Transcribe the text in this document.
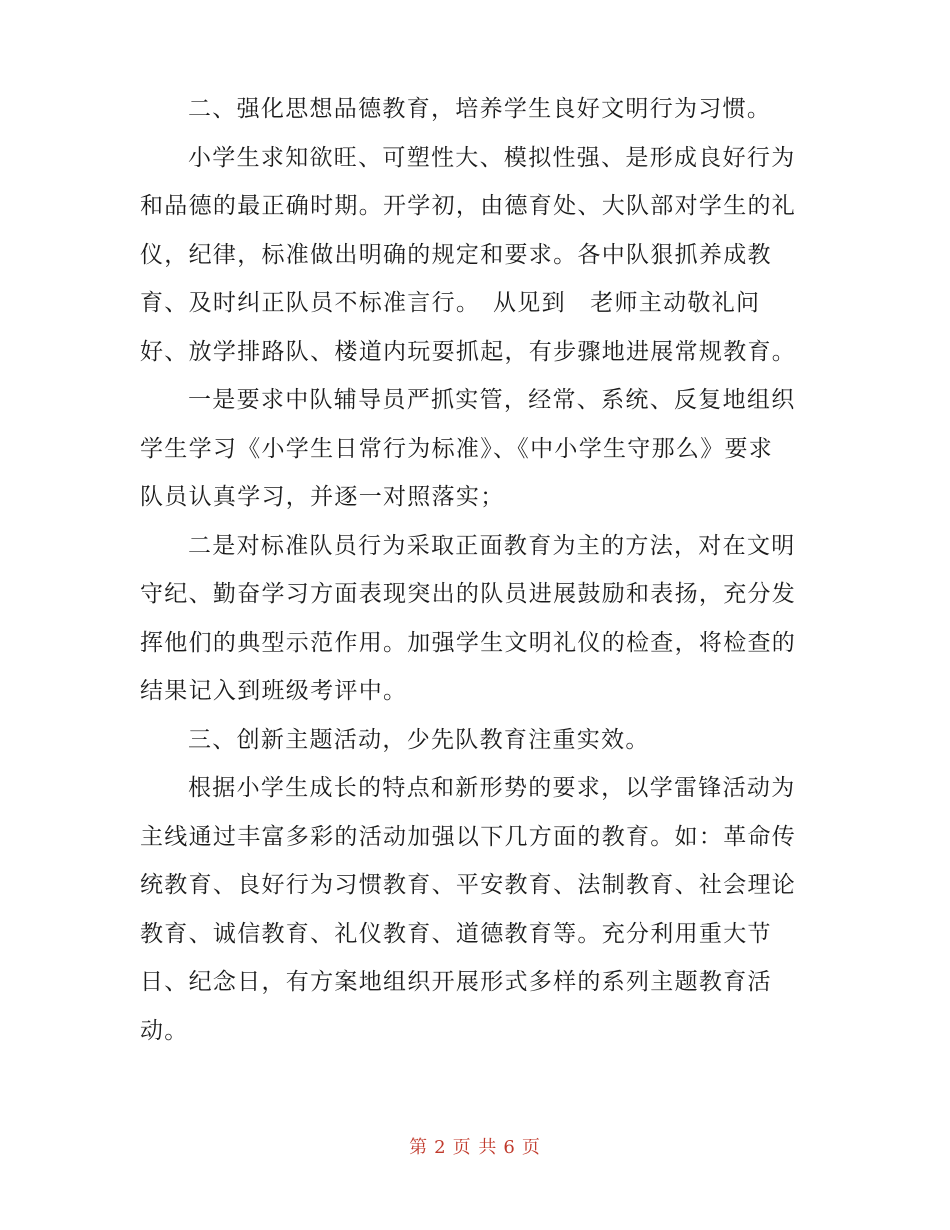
二、强化思想品德教育，培养学生良好文明行为习惯。
小学生求知欲旺、可塑性大、模拟性强、是形成良好行为
和品德的最正确时期。开学初，由德育处、大队部对学生的礼
仪，纪律，标准做出明确的规定和要求。各中队狠抓养成教
育、及时纠正队员不标准言行。　从见到　老师主动敬礼问
好、放学排路队、楼道内玩耍抓起，有步骤地进展常规教育。
一是要求中队辅导员严抓实管，经常、系统、反复地组织
学生学习《小学生日常行为标准》、《中小学生守那么》要求
队员认真学习，并逐一对照落实；
二是对标准队员行为采取正面教育为主的方法，对在文明
守纪、勤奋学习方面表现突出的队员进展鼓励和表扬，充分发
挥他们的典型示范作用。加强学生文明礼仪的检查，将检查的
结果记入到班级考评中。
三、创新主题活动，少先队教育注重实效。
根据小学生成长的特点和新形势的要求，以学雷锋活动为
主线通过丰富多彩的活动加强以下几方面的教育。如：革命传
统教育、良好行为习惯教育、平安教育、法制教育、社会理论
教育、诚信教育、礼仪教育、道德教育等。充分利用重大节
日、纪念日，有方案地组织开展形式多样的系列主题教育活
动。
第 2 页 共 6 页
